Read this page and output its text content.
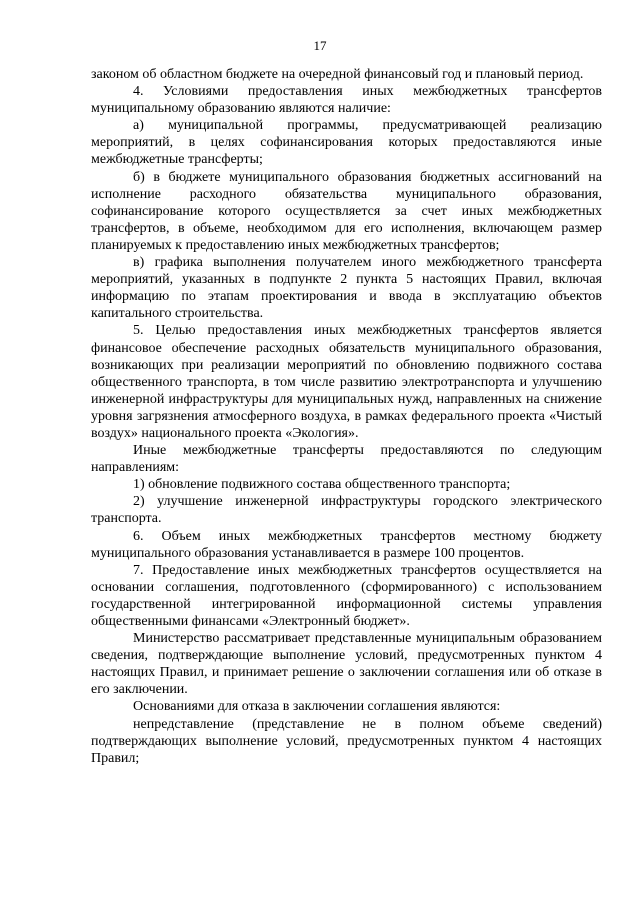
17

законом об областном бюджете на очередной финансовый год и плановый период.

4. Условиями предоставления иных межбюджетных трансфертов муниципальному образованию являются наличие:

а) муниципальной программы, предусматривающей реализацию мероприятий, в целях софинансирования которых предоставляются иные межбюджетные трансферты;

б) в бюджете муниципального образования бюджетных ассигнований на исполнение расходного обязательства муниципального образования, софинансирование которого осуществляется за счет иных межбюджетных трансфертов, в объеме, необходимом для его исполнения, включающем размер планируемых к предоставлению иных межбюджетных трансфертов;

в) графика выполнения получателем иного межбюджетного трансферта мероприятий, указанных в подпункте 2 пункта 5 настоящих Правил, включая информацию по этапам проектирования и ввода в эксплуатацию объектов капитального строительства.

5. Целью предоставления иных межбюджетных трансфертов является финансовое обеспечение расходных обязательств муниципального образования, возникающих при реализации мероприятий по обновлению подвижного состава общественного транспорта, в том числе развитию электротранспорта и улучшению инженерной инфраструктуры для муниципальных нужд, направленных на снижение уровня загрязнения атмосферного воздуха, в рамках федерального проекта «Чистый воздух» национального проекта «Экология».

Иные межбюджетные трансферты предоставляются по следующим направлениям:

1) обновление подвижного состава общественного транспорта;

2) улучшение инженерной инфраструктуры городского электрического транспорта.

6. Объем иных межбюджетных трансфертов местному бюджету муниципального образования устанавливается в размере 100 процентов.

7. Предоставление иных межбюджетных трансфертов осуществляется на основании соглашения, подготовленного (сформированного) с использованием государственной интегрированной информационной системы управления общественными финансами «Электронный бюджет».

Министерство рассматривает представленные муниципальным образованием сведения, подтверждающие выполнение условий, предусмотренных пунктом 4 настоящих Правил, и принимает решение о заключении соглашения или об отказе в его заключении.

Основаниями для отказа в заключении соглашения являются:

непредставление (представление не в полном объеме сведений) подтверждающих выполнение условий, предусмотренных пунктом 4 настоящих Правил;
